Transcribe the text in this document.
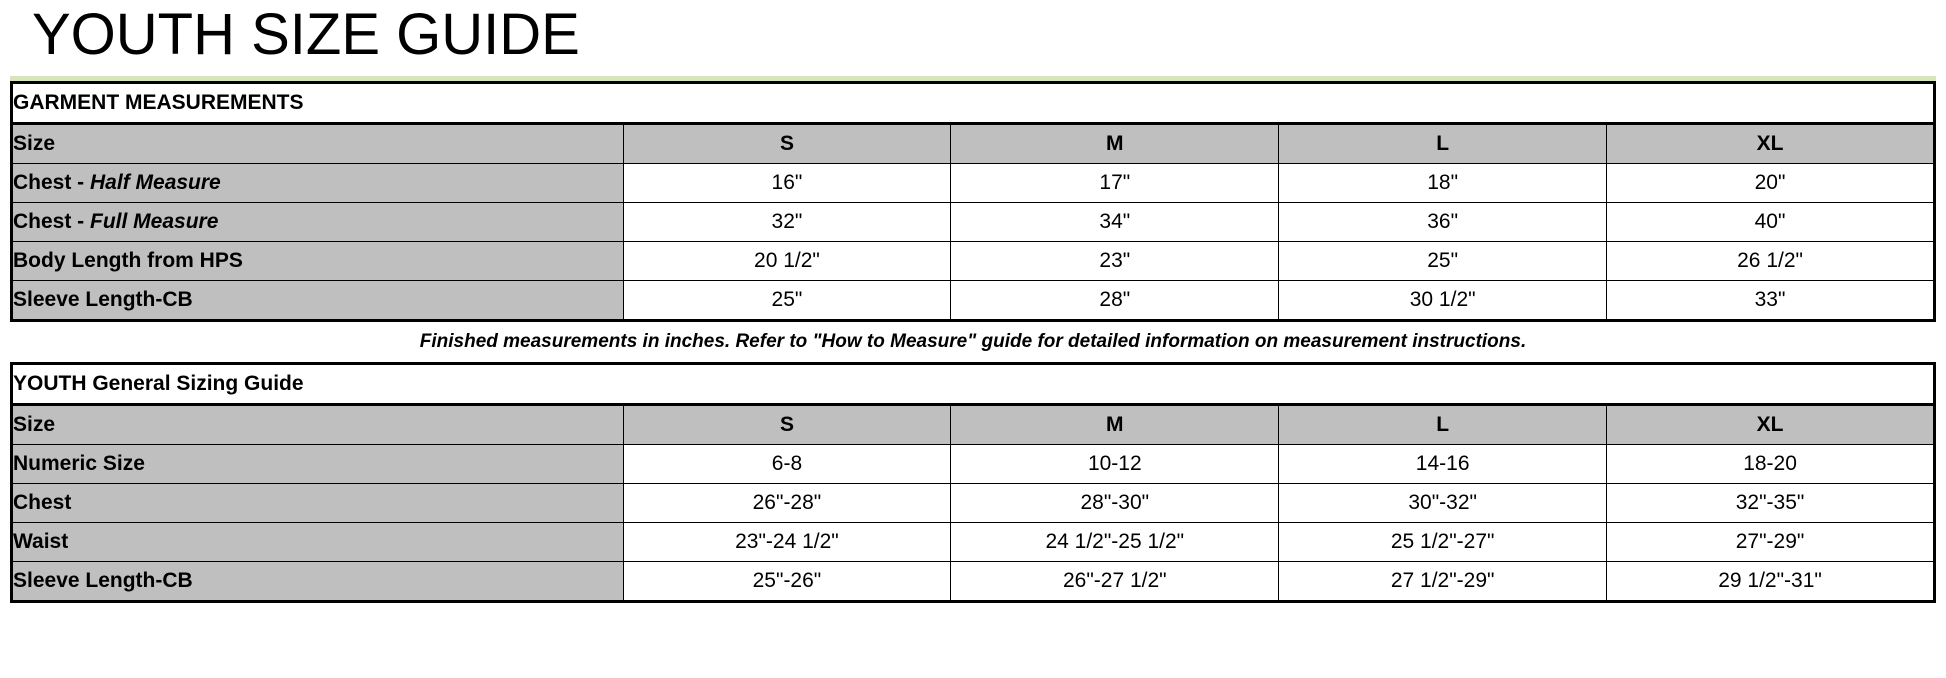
YOUTH SIZE GUIDE
GARMENT MEASUREMENTS				
Size	S	M	L	XL
Chest - Half Measure	16"	17"	18"	20"
Chest - Full Measure	32"	34"	36"	40"
Body Length from HPS	20 1/2"	23"	25"	26 1/2"
Sleeve Length-CB	25"	28"	30 1/2"	33"

Finished measurements in inches. Refer to "How to Measure" guide for detailed information on measurement instructions.

YOUTH General Sizing Guide				
Size	S	M	L	XL
Numeric Size	6-8	10-12	14-16	18-20
Chest	26"-28"	28"-30"	30"-32"	32"-35"
Waist	23"-24 1/2"	24 1/2"-25 1/2"	25 1/2"-27"	27"-29"
Sleeve Length-CB	25"-26"	26"-27 1/2"	27 1/2"-29"	29 1/2"-31"
